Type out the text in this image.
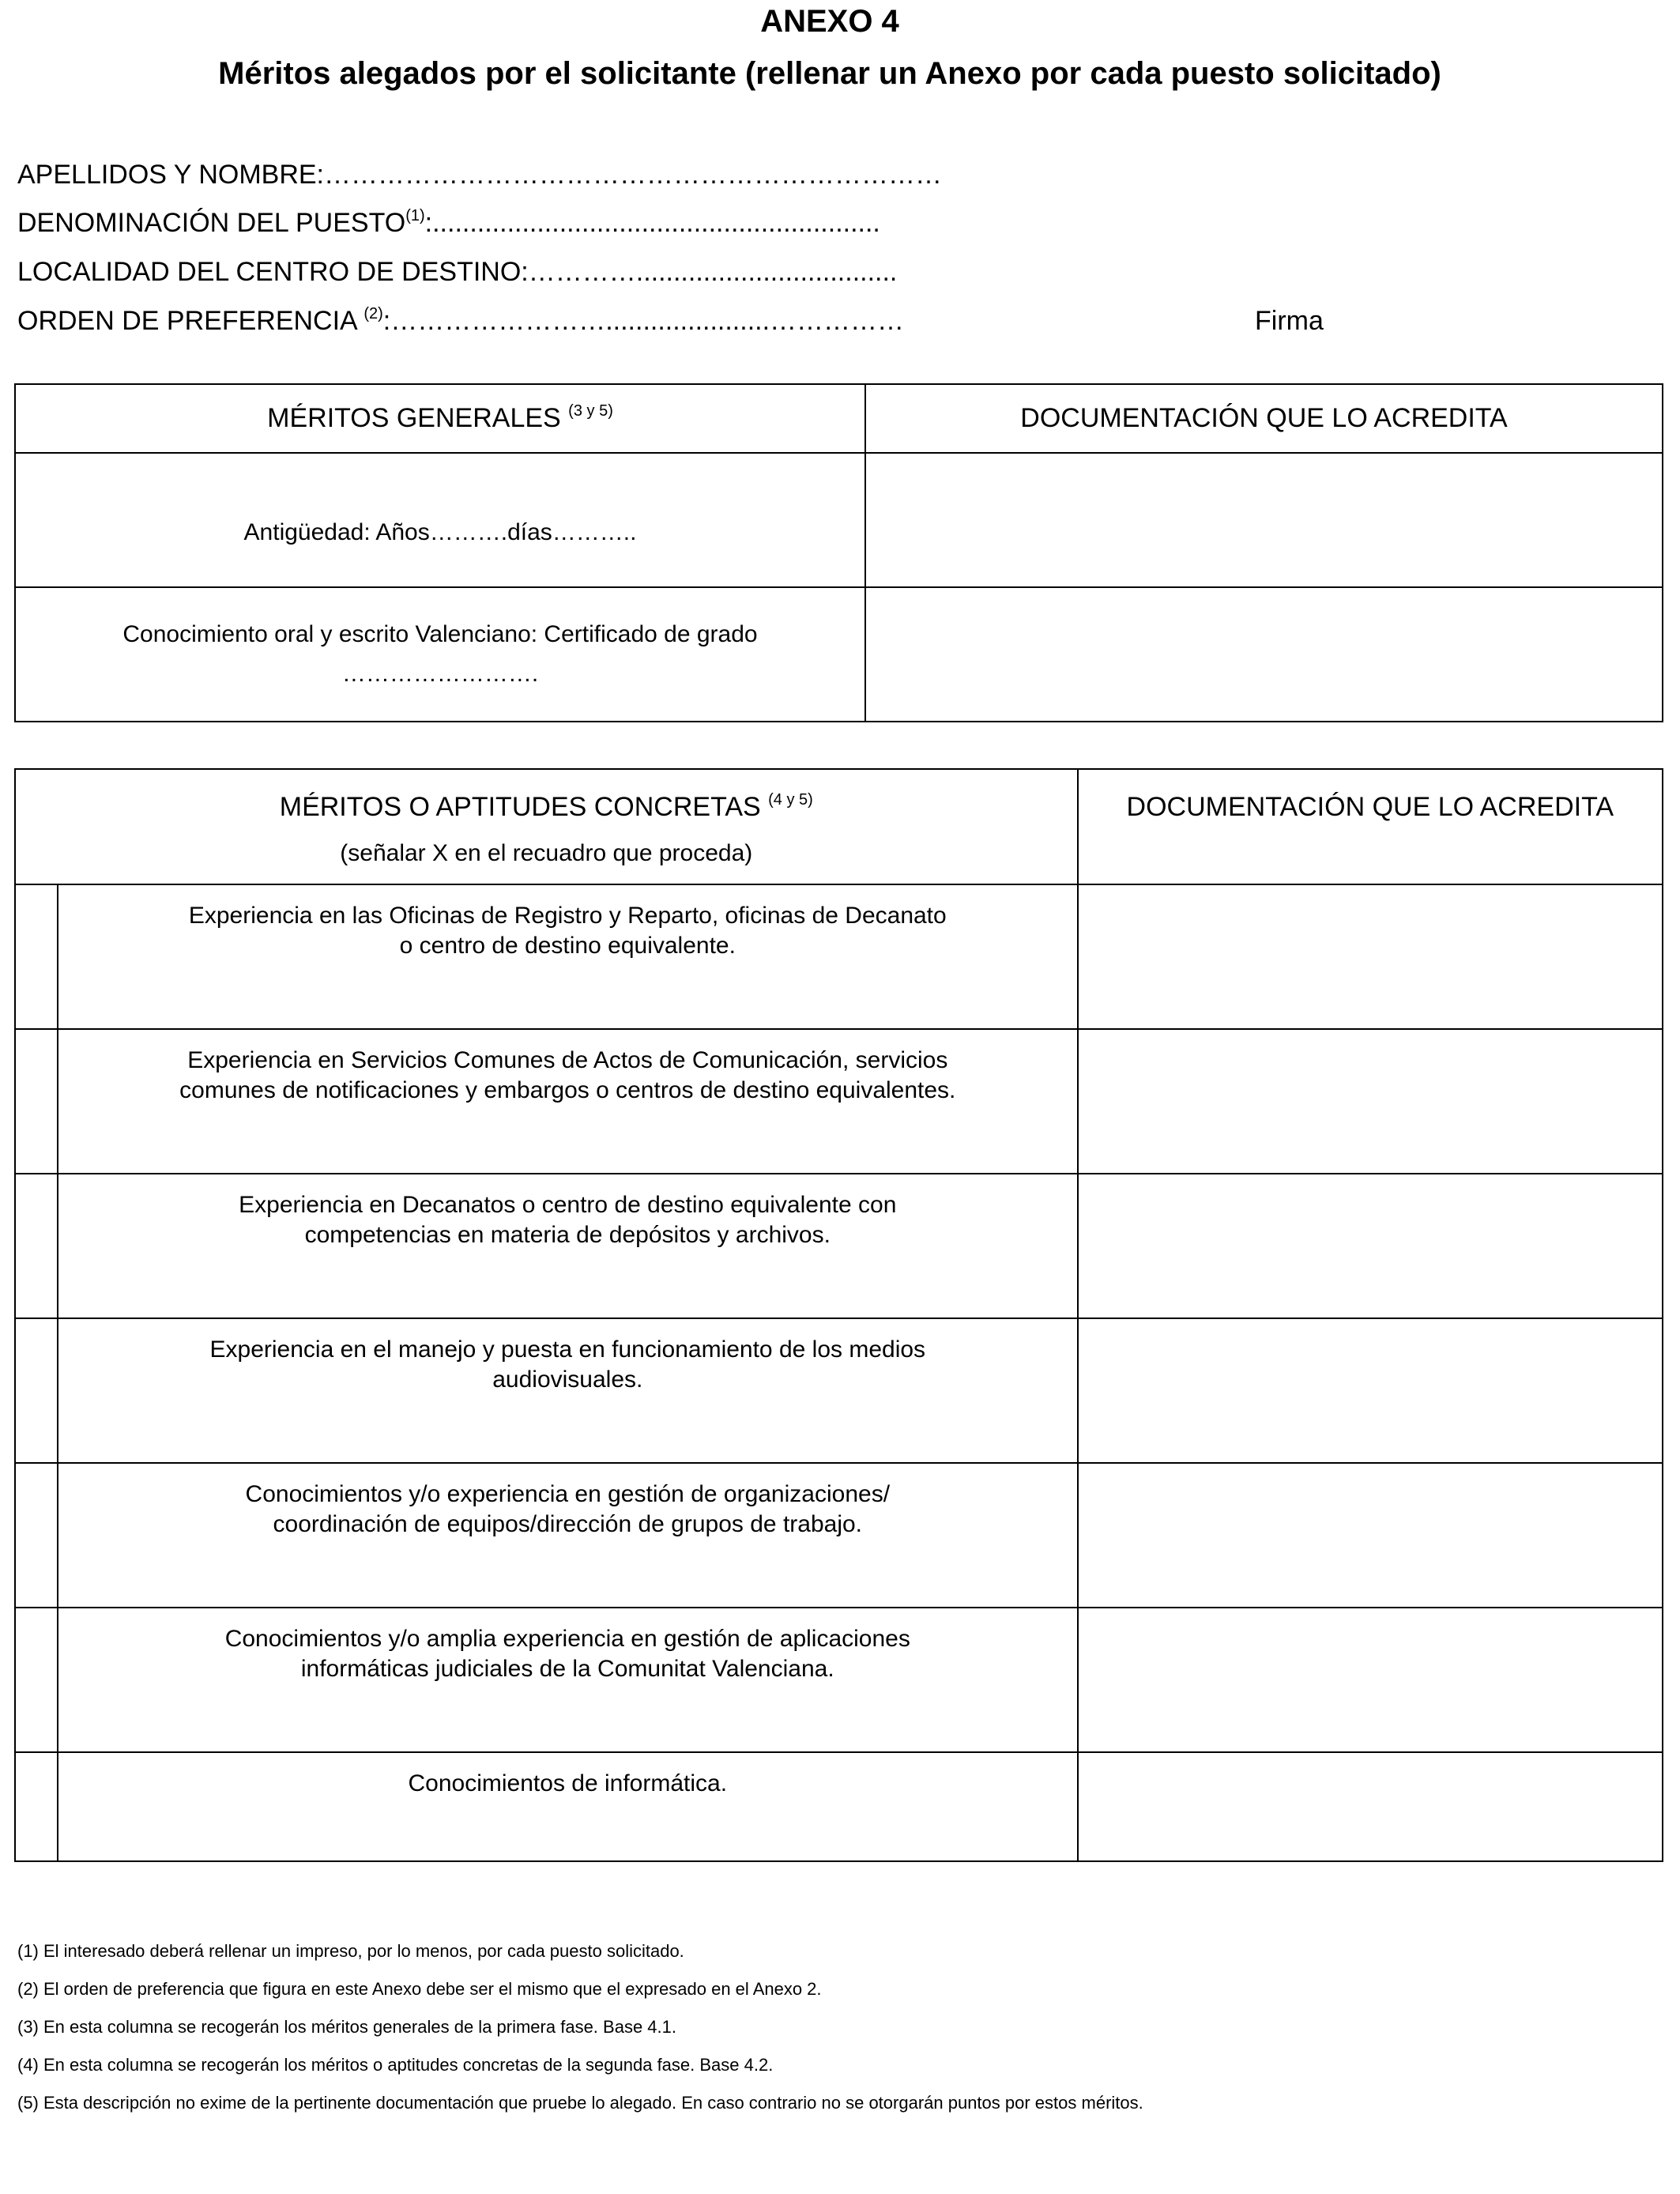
ANEXO 4
Méritos alegados por el solicitante (rellenar un Anexo por cada puesto solicitado)
APELLIDOS Y NOMBRE:……………………………………………………………
DENOMINACIÓN DEL PUESTO$^{(1)}$:............................................................
LOCALIDAD DEL CENTRO DE DESTINO:…………...................................
ORDEN DE PREFERENCIA $^{(2)}$:……………………......................……………	Firma
MÉRITOS GENERALES $^{(3 y 5)}$	DOCUMENTACIÓN QUE LO ACREDITA
Antigüedad: Años……….días………..	
Conocimiento oral y escrito Valenciano: Certificado de grado
…………………….	

MÉRITOS O APTITUDES CONCRETAS $^{(4 y 5)}$
(señalar X en el recuadro que proceda)		DOCUMENTACIÓN QUE LO ACREDITA

	Experiencia en las Oficinas de Registro y Reparto, oficinas de Decanato
o centro de destino equivalente.	

	Experiencia en Servicios Comunes de Actos de Comunicación, servicios
comunes de notificaciones y embargos o centros de destino equivalentes.	

	Experiencia en Decanatos o centro de destino equivalente con
competencias en materia de depósitos y archivos.	

	Experiencia en el manejo y puesta en funcionamiento de los medios
audiovisuales.	

	Conocimientos y/o experiencia en gestión de organizaciones/
coordinación de equipos/dirección de grupos de trabajo.	

	Conocimientos y/o amplia experiencia en gestión de aplicaciones
informáticas judiciales de la Comunitat Valenciana.	

	Conocimientos de informática.	

(1) El interesado deberá rellenar un impreso, por lo menos, por cada puesto solicitado.
(2) El orden de preferencia que figura en este Anexo debe ser el mismo que el expresado en el Anexo 2.
(3) En esta columna se recogerán los méritos generales de la primera fase. Base 4.1.
(4) En esta columna se recogerán los méritos o aptitudes concretas de la segunda fase. Base 4.2.
(5) Esta descripción no exime de la pertinente documentación que pruebe lo alegado. En caso contrario no se otorgarán puntos por estos méritos.
